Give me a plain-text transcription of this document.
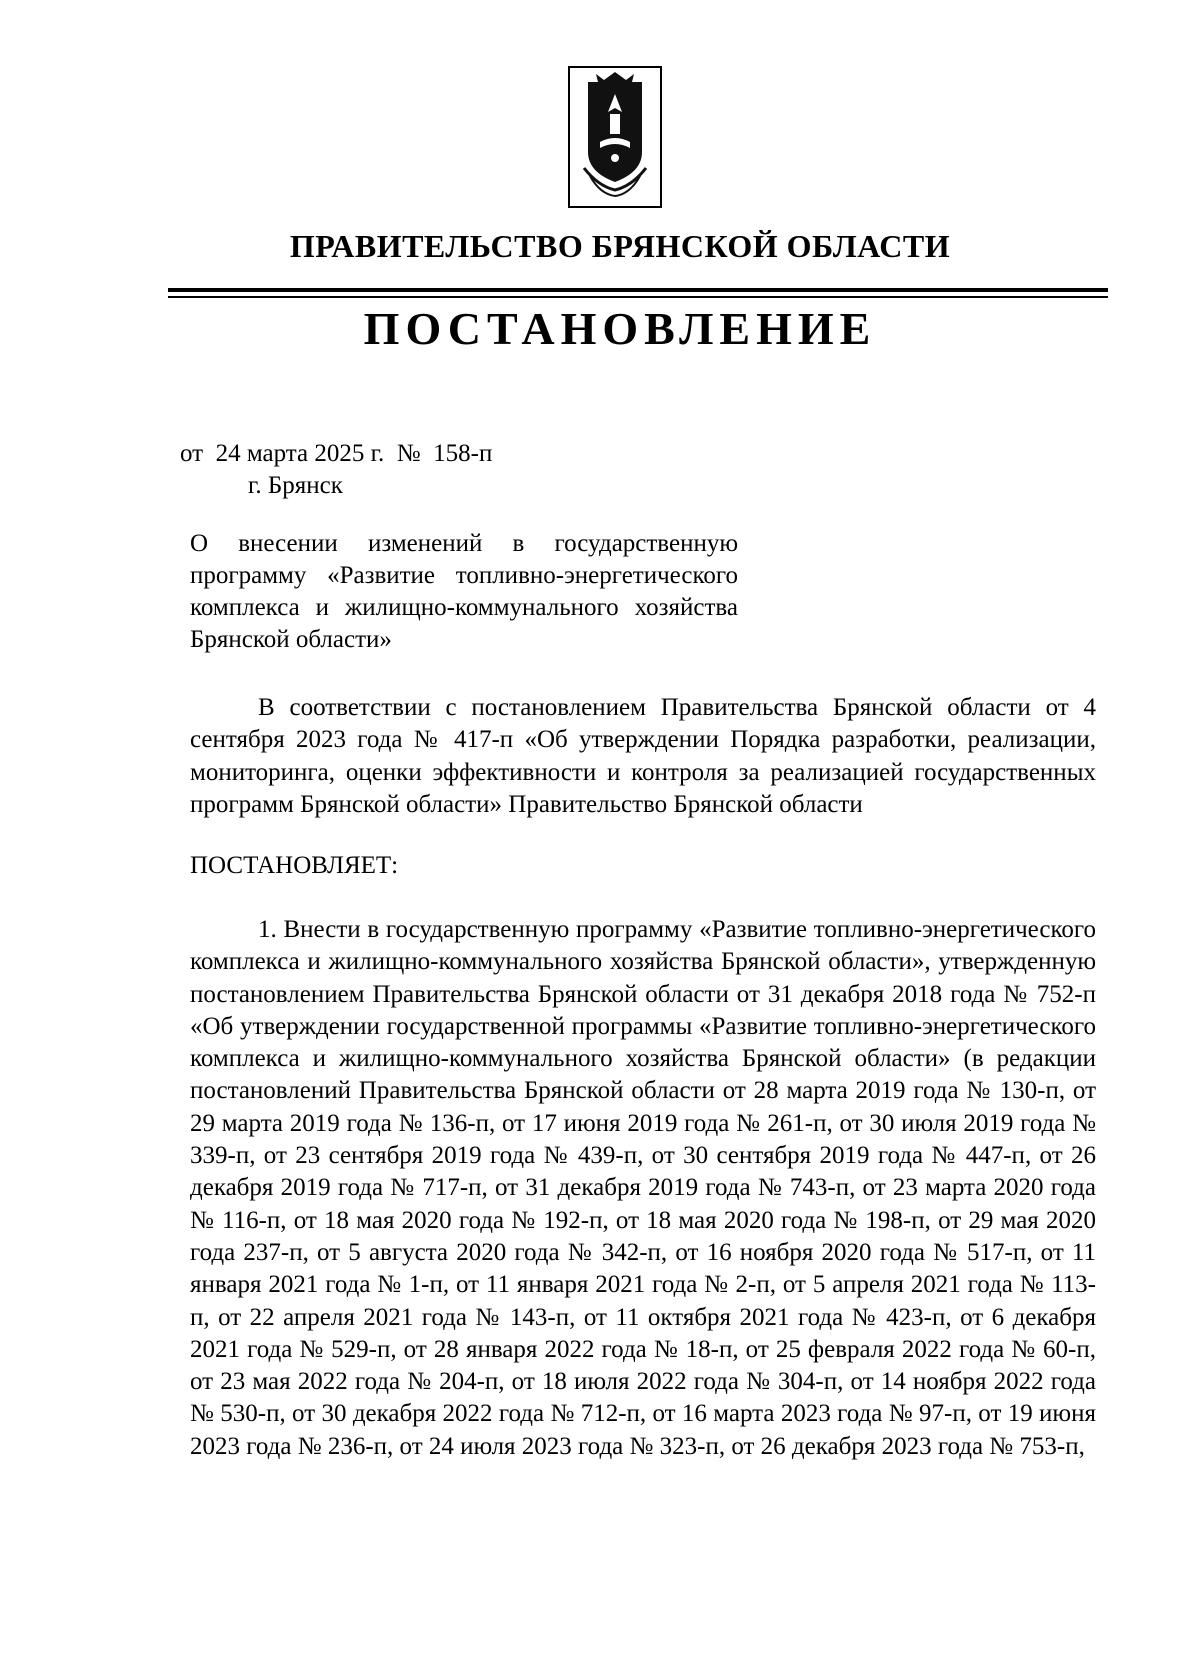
ПРАВИТЕЛЬСТВО БРЯНСКОЙ ОБЛАСТИ
ПОСТАНОВЛЕНИЕ
от  24 марта 2025 г.  №  158-п
г. Брянск
О внесении изменений в государственную программу «Развитие топливно-энергетического комплекса и жилищно-коммунального хозяйства Брянской области»
В соответствии с постановлением Правительства Брянской области от 4 сентября 2023 года № 417-п «Об утверждении Порядка разработки, реализации, мониторинга, оценки эффективности и контроля за реализацией государственных программ Брянской области» Правительство Брянской области
ПОСТАНОВЛЯЕТ:
1. Внести в государственную программу «Развитие топливно-энергетического комплекса и жилищно-коммунального хозяйства Брянской области», утвержденную постановлением Правительства Брянской области от 31 декабря 2018 года № 752-п «Об утверждении государственной программы «Развитие топливно-энергетического комплекса и жилищно-коммунального хозяйства Брянской области» (в редакции постановлений Правительства Брянской области от 28 марта 2019 года № 130-п, от 29 марта 2019 года № 136-п, от 17 июня 2019 года № 261-п, от 30 июля 2019 года № 339-п, от 23 сентября 2019 года № 439-п, от 30 сентября 2019 года № 447-п, от 26 декабря 2019 года № 717-п, от 31 декабря 2019 года № 743-п, от 23 марта 2020 года № 116-п, от 18 мая 2020 года № 192-п, от 18 мая 2020 года № 198-п, от 29 мая 2020 года 237-п, от 5 августа 2020 года № 342-п, от 16 ноября 2020 года № 517-п, от 11 января 2021 года № 1-п, от 11 января 2021 года № 2-п, от 5 апреля 2021 года № 113-п, от 22 апреля 2021 года № 143-п, от 11 октября 2021 года № 423-п, от 6 декабря 2021 года № 529-п, от 28 января 2022 года № 18-п, от 25 февраля 2022 года № 60-п, от 23 мая 2022 года № 204-п, от 18 июля 2022 года № 304-п, от 14 ноября 2022 года № 530-п, от 30 декабря 2022 года № 712-п, от 16 марта 2023 года № 97-п, от 19 июня 2023 года № 236-п, от 24 июля 2023 года № 323-п, от 26 декабря 2023 года № 753-п,
